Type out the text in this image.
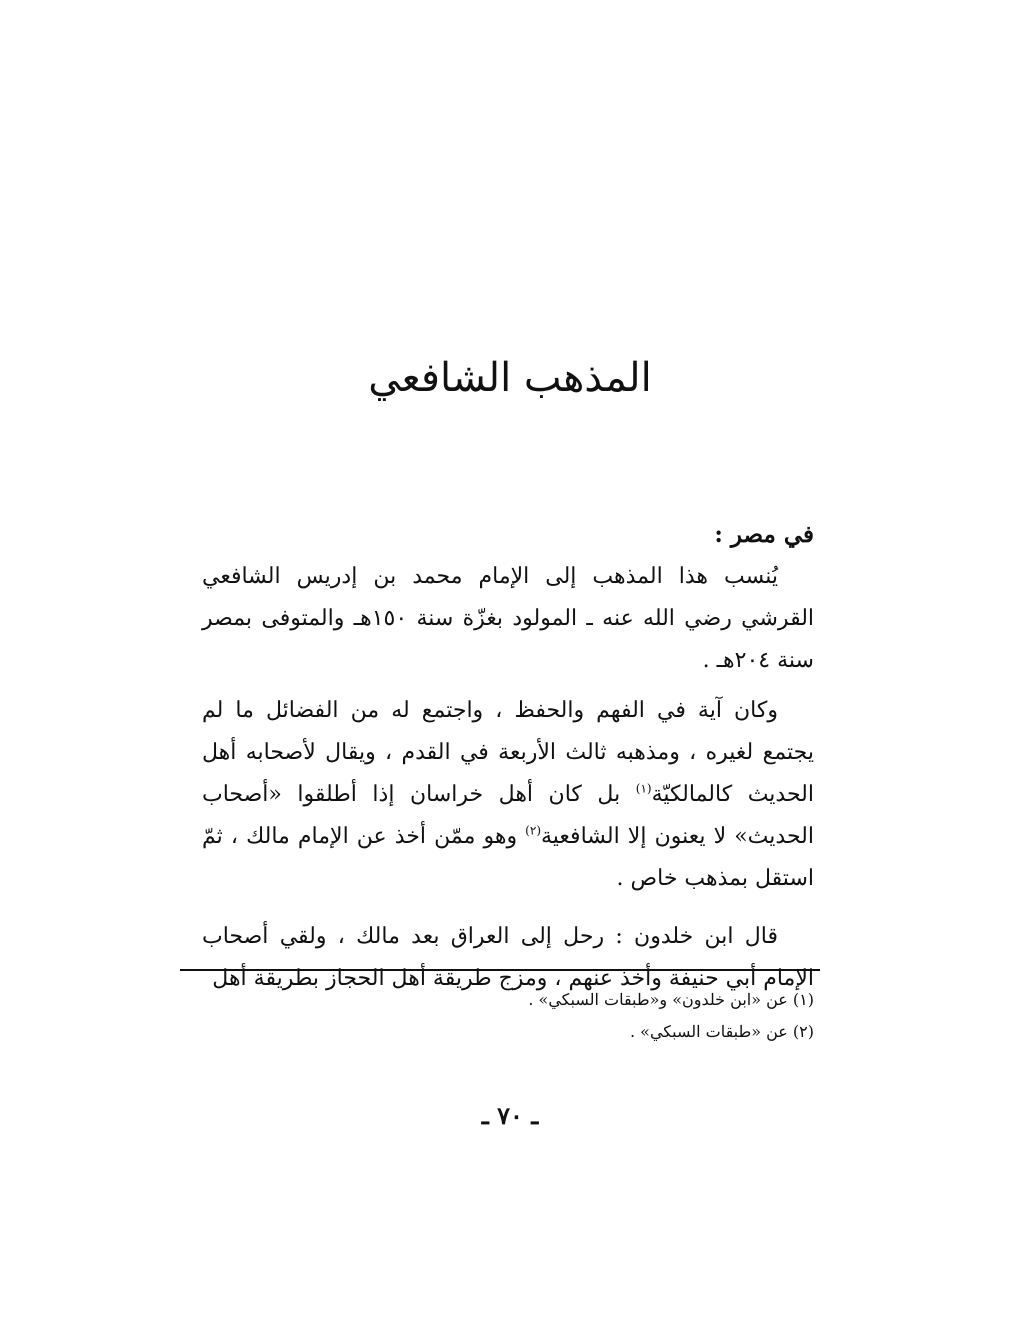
المذهب الشافعي

في مصر :

يُنسب هذا المذهب إلى الإمام محمد بن إدريس الشافعي القرشي رضي الله عنه ـ المولود بغزّة سنة ١٥٠هـ والمتوفى بمصر سنة ٢٠٤هـ .

وكان آية في الفهم والحفظ ، واجتمع له من الفضائل ما لم يجتمع لغيره ، ومذهبه ثالث الأربعة في القدم ، ويقال لأصحابه أهل الحديث كالمالكيّة$^{(١)}$ بل كان أهل خراسان إذا أطلقوا «أصحاب الحديث» لا يعنون إلا الشافعية$^{(٢)}$ وهو ممّن أخذ عن الإمام مالك ، ثمّ استقل بمذهب خاص .

قال ابن خلدون : رحل إلى العراق بعد مالك ، ولقي أصحاب الإمام أبي حنيفة وأخذ عنهم ، ومزج طريقة أهل الحجاز بطريقة أهل

(١) عن «ابن خلدون» و«طبقات السبكي» .

(٢) عن «طبقات السبكي» .

ـ ٧٠ ـ
